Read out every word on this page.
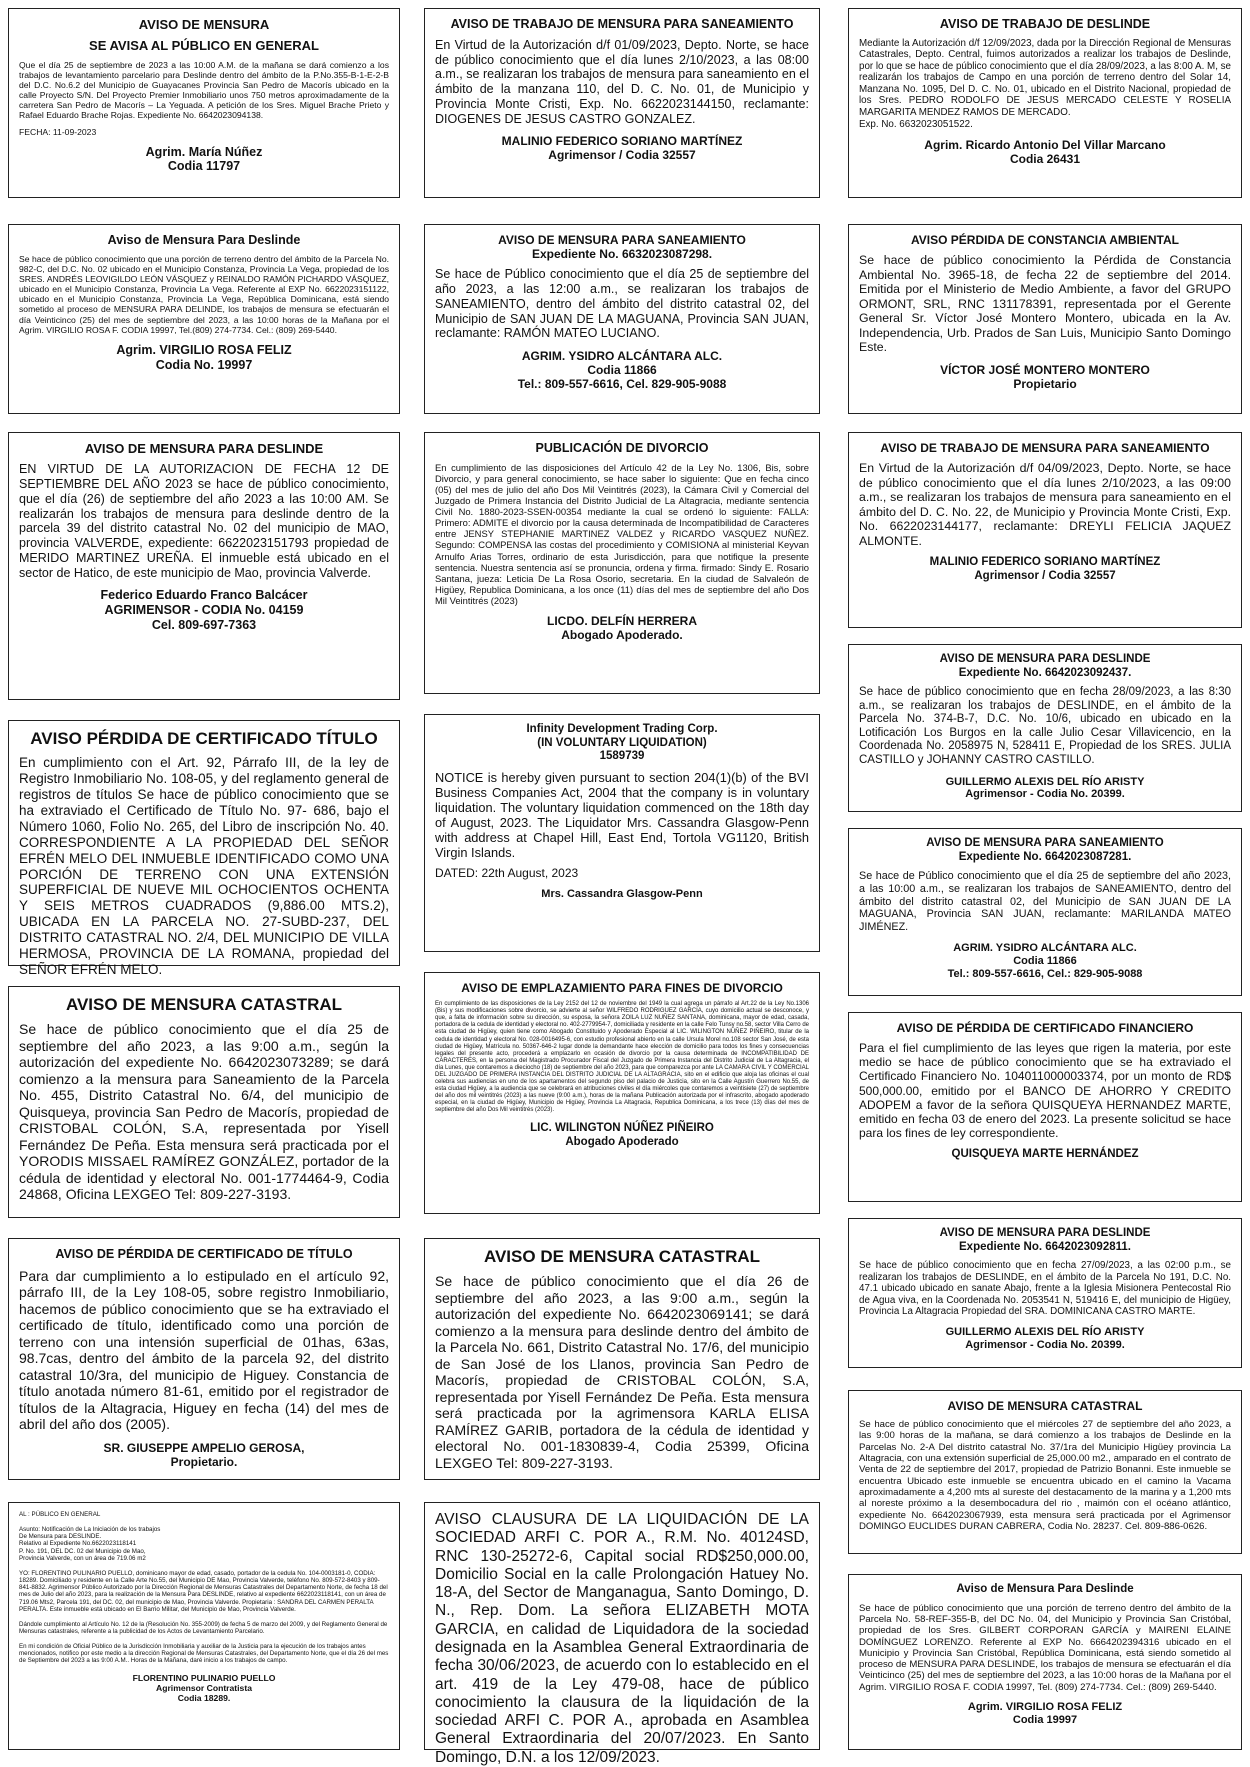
AVISO DE MENSURA
SE AVISA AL PÚBLICO EN GENERAL
Que el día 25 de septiembre de 2023 a las 10:00 A.M. de la mañana se dará comienzo a los trabajos de levantamiento parcelario para Deslinde dentro del ámbito de la P.No.355-B-1-E-2-B del D.C. No.6.2 del Municipio de Guayacanes Provincia San Pedro de Macorís ubicado en la calle Proyecto S/N. Del Proyecto Premier Inmobiliario unos 750 metros aproximadamente de la carretera San Pedro de Macorís – La Yeguada. A petición de los Sres. Miguel Brache Prieto y Rafael Eduardo Brache Rojas. Expediente No. 6642023094138.
FECHA: 11-09-2023
Agrim. María Núñez
Codia 11797
Aviso de Mensura Para Deslinde
Se hace de público conocimiento que una porción de terreno dentro del ámbito de la Parcela No. 982-C, del D.C. No. 02 ubicado en el Municipio Constanza, Provincia La Vega, propiedad de los SRES. ANDRÉS LEOVIGILDO LEÓN VÁSQUEZ y REINALDO RAMÓN PICHARDO VÁSQUEZ, ubicado en el Municipio Constanza, Provincia La Vega. Referente al EXP No. 6622023151122, ubicado en el Municipio Constanza, Provincia La Vega, República Dominicana, está siendo sometido al proceso de MENSURA PARA DELINDE, los trabajos de mensura se efectuarán el día Veinticinco (25) del mes de septiembre del 2023, a las 10:00 horas de la Mañana por el Agrim. VIRGILIO ROSA F. CODIA 19997, Tel.(809) 274-7734. Cel.: (809) 269-5440.
Agrim. VIRGILIO ROSA FELIZ
Codia No. 19997
AVISO DE MENSURA PARA DESLINDE
EN VIRTUD DE LA AUTORIZACION DE FECHA 12 DE SEPTIEMBRE DEL AÑO 2023 se hace de público conocimiento, que el día (26) de septiembre del año 2023 a las 10:00 AM. Se realizarán los trabajos de mensura para deslinde dentro de la parcela 39 del distrito catastral No. 02 del municipio de MAO, provincia VALVERDE, expediente: 6622023151793 propiedad de MERIDO MARTINEZ UREÑA. El inmueble está ubicado en el sector de Hatico, de este municipio de Mao, provincia Valverde.
Federico Eduardo Franco Balcácer
AGRIMENSOR - CODIA No. 04159
Cel. 809-697-7363
AVISO PÉRDIDA DE CERTIFICADO TÍTULO
En cumplimiento con el Art. 92, Párrafo III, de la ley de Registro Inmobiliario No. 108-05, y del reglamento general de registros de títulos Se hace de público conocimiento que se ha extraviado el Certificado de Título No. 97- 686, bajo el Número 1060, Folio No. 265, del Libro de inscripción No. 40. CORRESPONDIENTE A LA PROPIEDAD DEL SEÑOR EFRÉN MELO DEL INMUEBLE IDENTIFICADO COMO UNA PORCIÓN DE TERRENO CON UNA EXTENSIÓN SUPERFICIAL DE NUEVE MIL OCHOCIENTOS OCHENTA Y SEIS METROS CUADRADOS (9,886.00 MTS.2), UBICADA EN LA PARCELA NO. 27-SUBD-237, DEL DISTRITO CATASTRAL NO. 2/4, DEL MUNICIPIO DE VILLA HERMOSA, PROVINCIA DE LA ROMANA, propiedad del SEÑOR EFRÉN MELO.
AVISO DE MENSURA CATASTRAL
Se hace de público conocimiento que el día 25 de septiembre del año 2023, a las 9:00 a.m., según la autorización del expediente No. 6642023073289; se dará comienzo a la mensura para Saneamiento de la Parcela No. 455, Distrito Catastral No. 6/4, del municipio de Quisqueya, provincia San Pedro de Macorís, propiedad de CRISTOBAL COLÓN, S.A, representada por Yisell Fernández De Peña. Esta mensura será practicada por el YORODIS MISSAEL RAMÍREZ GONZÁLEZ, portador de la cédula de identidad y electoral No. 001-1774464-9, Codia 24868, Oficina LEXGEO Tel: 809-227-3193.
AVISO DE PÉRDIDA DE CERTIFICADO DE TÍTULO
Para dar cumplimiento a lo estipulado en el artículo 92, párrafo III, de la Ley 108-05, sobre registro Inmobiliario, hacemos de público conocimiento que se ha extraviado el certificado de título, identificado como una porción de terreno con una intensión superficial de 01has, 63as, 98.7cas, dentro del ámbito de la parcela 92, del distrito catastral 10/3ra, del municipio de Higuey. Constancia de título anotada número 81-61, emitido por el registrador de títulos de la Altagracia, Higuey en fecha (14) del mes de abril del año dos (2005).
SR. GIUSEPPE AMPELIO GEROSA,
Propietario.
AL : PÚBLICO EN GENERAL

Asunto: Notificación de La Iniciación de los trabajos
De Mensura para DESLINDE.
Relativo al Expediente No.6622023118141
P. No. 191, DEL DC. 02 del Municipio de Mao,
Provincia Valverde, con un área de 719.06 m2

YO: FLORENTINO PULINARIO PUELLO, dominicano mayor de edad, casado, portador de la cedula No. 104-0003181-0, CODIA: 18289. Domiciliado y residente en la Calle Arte No.55, del Municipio DE Mao, Provincia Valverde, teléfono No. 809-572-8403 y 809-841-8832. Agrimensor Público Autorizado por la Dirección Regional de Mensuras Catastrales del Departamento Norte, de fecha 18 del mes de Julio del año 2023, para la realización de la Mensura Para DESLINDE, relativo al expediente 6622023118141, con un área de 719.06 Mts2, Parcela 191, del DC. 02, del municipio de Mao, Provincia Valverde. Propietaria : SANDRA DEL CARMEN PERALTA PERALTA. Este inmueble está ubicado en El Barrio Militar, del Municipio de Mao, Provincia Valverde.

Dándole cumplimiento al Artículo No. 12 de la (Resolución No. 355-2009) de fecha 5 de marzo del 2009, y del Reglamento General de Mensuras catastrales, referente a la publicidad de los Actos de Levantamiento Parcelario.

En mi condición de Oficial Público de la Jurisdicción Inmobiliaria y auxiliar de la Justicia para la ejecución de los trabajos antes mencionados, notifico por este medio a la dirección Regional de Mensuras Catastrales, del Departamento Norte, que el día 26 del mes de Septiembre del 2023 a las 9:00 A.M.. Horas de la Mañana, daré inicio a los trabajos de campo.
FLORENTINO PULINARIO PUELLO
Agrimensor Contratista
Codia 18289.
AVISO DE TRABAJO DE MENSURA PARA SANEAMIENTO
En Virtud de la Autorización d/f 01/09/2023, Depto. Norte, se hace de público conocimiento que el día lunes 2/10/2023, a las 08:00 a.m., se realizaran los trabajos de mensura para saneamiento en el ámbito de la manzana 110, del D. C. No. 01, de Municipio y Provincia Monte Cristi, Exp. No. 6622023144150, reclamante: DIOGENES DE JESUS CASTRO GONZALEZ.
MALINIO FEDERICO SORIANO MARTÍNEZ
Agrimensor / Codia 32557
AVISO DE MENSURA PARA SANEAMIENTO
Expediente No. 6632023087298.
Se hace de Público conocimiento que el día 25 de septiembre del año 2023, a las 12:00 a.m., se realizaran los trabajos de SANEAMIENTO, dentro del ámbito del distrito catastral 02, del Municipio de SAN JUAN DE LA MAGUANA, Provincia SAN JUAN, reclamante: RAMÓN MATEO LUCIANO.
AGRIM. YSIDRO ALCÁNTARA ALC.
Codia 11866
Tel.: 809-557-6616, Cel. 829-905-9088
PUBLICACIÓN DE DIVORCIO
En cumplimiento de las disposiciones del Artículo 42 de la Ley No. 1306, Bis, sobre Divorcio, y para general conocimiento, se hace saber lo siguiente: Que en fecha cinco (05) del mes de julio del año Dos Mil Veintitrés (2023), la Cámara Civil y Comercial del Juzgado de Primera Instancia del Distrito Judicial de La Altagracia, mediante sentencia Civil No. 1880-2023-SSEN-00354 mediante la cual se ordenó lo siguiente: FALLA: Primero: ADMITE el divorcio por la causa determinada de Incompatibilidad de Caracteres entre JENSY STEPHANIE MARTINEZ VALDEZ y RICARDO VASQUEZ NUÑEZ. Segundo: COMPENSA las costas del procedimiento y COMISIONA al ministerial Keyvan Arnulfo Arias Torres, ordinario de esta Jurisdicción, para que notifique la presente sentencia. Nuestra sentencia así se pronuncia, ordena y firma. firmado: Sindy E. Rosario Santana, jueza: Leticia De La Rosa Osorio, secretaria. En la ciudad de Salvaleón de Higüey, Republica Dominicana, a los once (11) días del mes de septiembre del año Dos Mil Veintitrés (2023)
LICDO. DELFÍN HERRERA
Abogado Apoderado.
Infinity Development Trading Corp.
(IN VOLUNTARY LIQUIDATION)
1589739
NOTICE is hereby given pursuant to section 204(1)(b) of the BVI Business Companies Act, 2004 that the company is in voluntary liquidation. The voluntary liquidation commenced on the 18th day of August, 2023. The Liquidator Mrs. Cassandra Glasgow-Penn with address at Chapel Hill, East End, Tortola VG1120, British Virgin Islands.
DATED: 22th August, 2023
Mrs. Cassandra Glasgow-Penn
AVISO DE EMPLAZAMIENTO PARA FINES DE DIVORCIO
En cumplimiento de las disposiciones de la Ley 2152 del 12 de noviembre del 1949 la cual agrega un párrafo al Art.22 de la Ley No.1306 (Bis) y sus modificaciones sobre divorcio, se advierte al señor WILFREDO RODRIGUEZ GARCIA, cuyo domicilio actual se desconoce, y que, a falta de información sobre su dirección, su esposa, la señora ZOILA LUZ NUÑEZ SANTANA, dominicana, mayor de edad, casada, portadora de la cedula de identidad y electoral no. 402-2779954-7, domiciliada y residente en la calle Felo Tunsy no.58, sector Villa Cerro de esta ciudad de Higüey, quien tiene como Abogado Constituido y Apoderado Especial al LIC. WILINGTON NÚÑEZ PIÑEIRO, titular de la cedula de identidad y electoral No. 028-0016495-6, con estudio profesional abierto en la calle Ursula Morel no.108 sector San José, de esta ciudad de Higüey, Matrícula no. 50367-646-2 lugar donde la demandante hace elección de domicilio para todos los fines y consecuencias legales del presente acto, procederá a emplazarlo en ocasión de divorcio por la causa determinada de INCOMPATIBILIDAD DE CARACTERES, en la persona del Magistrado Procurador Fiscal del Juzgado de Primera Instancia del Distrito Judicial de La Altagracia, el día Lunes, que contaremos a dieciocho (18) de septiembre del año 2023, para que comparezca por ante LA CAMARA CIVIL Y COMERCIAL DEL JUZGADO DE PRIMERA INSTANCIA DEL DISTRITO JUDICIAL DE LA ALTAGRACIA, sito en el edificio que aloja las oficinas el cual celebra sus audiencias en uno de los apartamentos del segundo piso del palacio de Justicia, sito en la Calle Agustín Guerrero No.55, de esta ciudad Higüey, a la audiencia que se celebrará en atribuciones civiles el día miércoles que contaremos a veintisiete (27) de septiembre del año dos mil veintitrés (2023) a las nueve (9:00 a.m.), horas de la mañana Publicación autorizada por el infrascrito, abogado apoderado especial, en la ciudad de Higüey, Municipio de Higüey, Provincia La Altagracia, Republica Dominicana, a los trece (13) días del mes de septiembre del año Dos Mil veintitrés (2023).
LIC. WILINGTON NÚÑEZ PIÑEIRO
Abogado Apoderado
AVISO DE MENSURA CATASTRAL
Se hace de público conocimiento que el día 26 de septiembre del año 2023, a las 9:00 a.m., según la autorización del expediente No. 6642023069141; se dará comienzo a la mensura para deslinde dentro del ámbito de la Parcela No. 661, Distrito Catastral No. 17/6, del municipio de San José de los Llanos, provincia San Pedro de Macorís, propiedad de CRISTOBAL COLÓN, S.A, representada por Yisell Fernández De Peña. Esta mensura será practicada por la agrimensora KARLA ELISA RAMÍREZ GARIB, portadora de la cédula de identidad y electoral No. 001-1830839-4, Codia 25399, Oficina LEXGEO Tel: 809-227-3193.
AVISO CLAUSURA DE LA LIQUIDACIÓN DE LA SOCIEDAD ARFI C. POR A., R.M. No. 40124SD, RNC 130-25272-6, Capital social RD$250,000.00, Domicilio Social en la calle Prolongación Hatuey No. 18-A, del Sector de Manganagua, Santo Domingo, D. N., Rep. Dom. La señora ELIZABETH MOTA GARCIA, en calidad de Liquidadora de la sociedad designada en la Asamblea General Extraordinaria de fecha 30/06/2023, de acuerdo con lo establecido en el art. 419 de la Ley 479-08, hace de público conocimiento la clausura de la liquidación de la sociedad ARFI C. POR A., aprobada en Asamblea General Extraordinaria del 20/07/2023. En Santo Domingo, D.N. a los 12/09/2023.
AVISO DE TRABAJO DE DESLINDE
Mediante la Autorización d/f 12/09/2023, dada por la Dirección Regional de Mensuras Catastrales, Depto. Central, fuimos autorizados a realizar los trabajos de Deslinde, por lo que se hace de público conocimiento que el día 28/09/2023, a las 8:00 A. M, se realizarán los trabajos de Campo en una porción de terreno dentro del Solar 14, Manzana No. 1095, Del D. C. No. 01, ubicado en el Distrito Nacional, propiedad de los Sres. PEDRO RODOLFO DE JESUS MERCADO CELESTE Y ROSELIA MARGARITA MENDEZ RAMOS DE MERCADO.
Exp. No. 6632023051522.
Agrim. Ricardo Antonio Del Villar Marcano
Codia 26431
AVISO PÉRDIDA DE CONSTANCIA AMBIENTAL
Se hace de público conocimiento la Pérdida de Constancia Ambiental No. 3965-18, de fecha 22 de septiembre del 2014. Emitida por el Ministerio de Medio Ambiente, a favor del GRUPO ORMONT, SRL, RNC 131178391, representada por el Gerente General Sr. Víctor José Montero Montero, ubicada en la Av. Independencia, Urb. Prados de San Luis, Municipio Santo Domingo Este.
VÍCTOR JOSÉ MONTERO MONTERO
Propietario
AVISO DE TRABAJO DE MENSURA PARA SANEAMIENTO
En Virtud de la Autorización d/f 04/09/2023, Depto. Norte, se hace de público conocimiento que el día lunes 2/10/2023, a las 09:00 a.m., se realizaran los trabajos de mensura para saneamiento en el ámbito del D. C. No. 22, de Municipio y Provincia Monte Cristi, Exp. No. 6622023144177, reclamante: DREYLI FELICIA JAQUEZ ALMONTE.
MALINIO FEDERICO SORIANO MARTÍNEZ
Agrimensor / Codia 32557
AVISO DE MENSURA PARA DESLINDE
Expediente No. 6642023092437.
Se hace de público conocimiento que en fecha 28/09/2023, a las 8:30 a.m., se realizaran los trabajos de DESLINDE, en el ámbito de la Parcela No. 374-B-7, D.C. No. 10/6, ubicado en ubicado en la Lotificación Los Burgos en la calle Julio Cesar Villavicencio, en la Coordenada No. 2058975 N, 528411 E, Propiedad de los SRES. JULIA CASTILLO y JOHANNY CASTRO CASTILLO.
GUILLERMO ALEXIS DEL RÍO ARISTY
Agrimensor - Codia No. 20399.
AVISO DE MENSURA PARA SANEAMIENTO
Expediente No. 6642023087281.
Se hace de Público conocimiento que el día 25 de septiembre del año 2023, a las 10:00 a.m., se realizaran los trabajos de SANEAMIENTO, dentro del ámbito del distrito catastral 02, del Municipio de SAN JUAN DE LA MAGUANA, Provincia SAN JUAN, reclamante: MARILANDA MATEO JIMÉNEZ.
AGRIM. YSIDRO ALCÁNTARA ALC.
Codia 11866
Tel.: 809-557-6616, Cel.: 829-905-9088
AVISO DE PÉRDIDA DE CERTIFICADO FINANCIERO
Para el fiel cumplimiento de las leyes que rigen la materia, por este medio se hace de público conocimiento que se ha extraviado el Certificado Financiero No. 104011000003374, por un monto de RD$ 500,000.00, emitido por el BANCO DE AHORRO Y CREDITO ADOPEM a favor de la señora QUISQUEYA HERNANDEZ MARTE, emitido en fecha 03 de enero del 2023. La presente solicitud se hace para los fines de ley correspondiente.
QUISQUEYA MARTE HERNÁNDEZ
AVISO DE MENSURA PARA DESLINDE
Expediente No. 6642023092811.
Se hace de público conocimiento que en fecha 27/09/2023, a las 02:00 p.m., se realizaran los trabajos de DESLINDE, en el ámbito de la Parcela No 191, D.C. No. 47.1 ubicado ubicado en sanate Abajo, frente a la Iglesia Misionera Pentecostal Rio de Agua viva, en la Coordenada No. 2053541 N, 519416 E, del municipio de Higüey, Provincia La Altagracia Propiedad del SRA. DOMINICANA CASTRO MARTE.
GUILLERMO ALEXIS DEL RÍO ARISTY
Agrimensor - Codia No. 20399.
AVISO DE MENSURA CATASTRAL
Se hace de público conocimiento que el miércoles 27 de septiembre del año 2023, a las 9:00 horas de la mañana, se dará comienzo a los trabajos de Deslinde en la Parcelas No. 2-A Del distrito catastral No. 37/1ra del Municipio Higüey provincia La Altagracia, con una extensión superficial de 25,000.00 m2., amparado en el contrato de Venta de 22 de septiembre del 2017, propiedad de Patrizio Bonanni. Este inmueble se encuentra Ubicado este inmueble se encuentra ubicado en el camino la Vacama aproximadamente a 4,200 mts al sureste del destacamento de la marina y a 1,200 mts al noreste próximo a la desembocadura del rio , maimón con el océano atlántico, expediente No. 6642023067939, esta mensura será practicada por el Agrimensor DOMINGO EUCLIDES DURAN CABRERA, Codia No. 28237. Cel. 809-886-0626.
Aviso de Mensura Para Deslinde
Se hace de público conocimiento que una porción de terreno dentro del ámbito de la Parcela No. 58-REF-355-B, del DC No. 04, del Municipio y Provincia San Cristóbal, propiedad de los Sres. GILBERT CORPORAN GARCÍA y MAIRENI ELAINE DOMÍNGUEZ LORENZO. Referente al EXP No. 6664202394316 ubicado en el Municipio y Provincia San Cristóbal, República Dominicana, está siendo sometido al proceso de MENSURA PARA DESLINDE, los trabajos de mensura se efectuarán el día Veinticinco (25) del mes de septiembre del 2023, a las 10:00 horas de la Mañana por el Agrim. VIRGILIO ROSA F. CODIA 19997, Tel. (809) 274-7734. Cel.: (809) 269-5440.
Agrim. VIRGILIO ROSA FELIZ
Codia 19997
